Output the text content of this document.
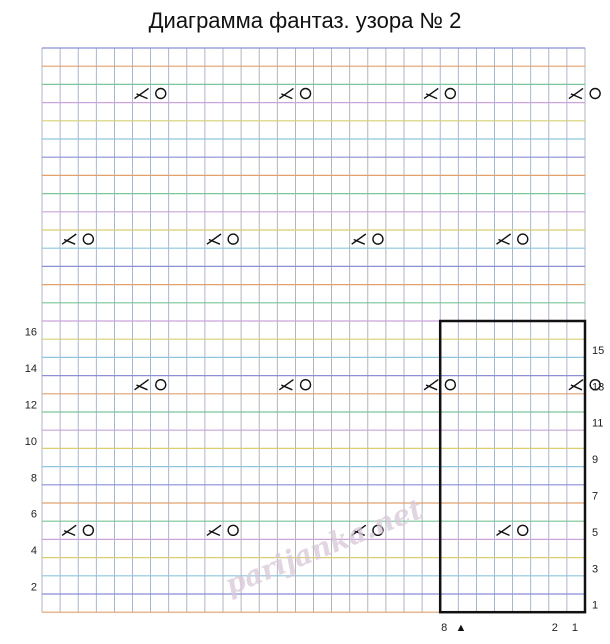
Диаграмма фантаз. узора № 2
parijanka.net
2
4
6
8
10
12
14
16
1
3
5
7
9
11
13
15
8	2 1
▲
